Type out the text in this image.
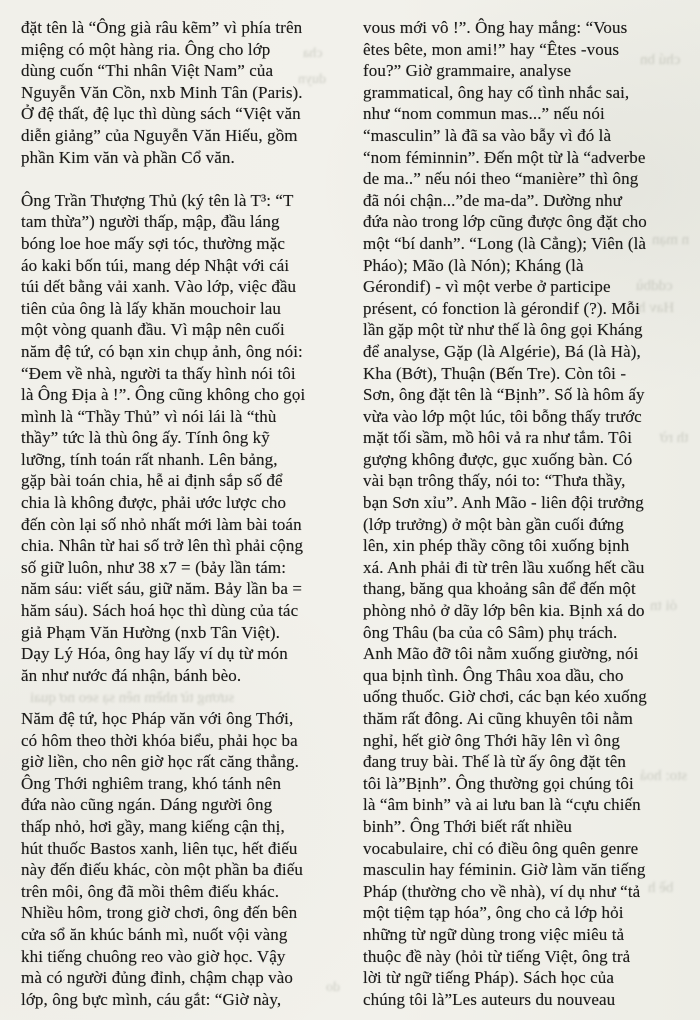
cha
duyn
chú bn
n mạn
cddbù
Hav h
th rờ
ỏi tn
sương từ nhềm nên sạ seo nơ quai
sto: hoả
bề h
do
đặt tên là “Ông già râu kẽm” vì phía trên
miệng có một hàng ria. Ông cho lớp
dùng cuốn “Thi nhân Việt Nam” của
Nguyễn Văn Cồn, nxb Minh Tân (Paris).
Ở đệ thất, đệ lục thì dùng sách “Việt văn
diễn giảng” của Nguyễn Văn Hiếu, gồm
phần Kim văn và phần Cổ văn.
Ông Trần Thượng Thủ (ký tên là T³: “T
tam thừa”) người thấp, mập, đầu láng
bóng loe hoe mấy sợi tóc, thường mặc
áo kaki bốn túi, mang dép Nhật với cái
túi dết bằng vải xanh. Vào lớp, việc đầu
tiên của ông là lấy khăn mouchoir lau
một vòng quanh đầu. Vì mập nên cuối
năm đệ tứ, có bạn xin chụp ảnh, ông nói:
“Đem về nhà, người ta thấy hình nói tôi
là Ông Địa à !”. Ông cũng không cho gọi
mình là “Thầy Thủ” vì nói lái là “thù
thầy” tức là thù ông ấy. Tính ông kỹ
lưỡng, tính toán rất nhanh. Lên bảng,
gặp bài toán chia, hễ ai định sắp số để
chia là không được, phải ước lược cho
đến còn lại số nhỏ nhất mới làm bài toán
chia. Nhân từ hai số trở lên thì phải cộng
số giữ luôn, như 38 x7 = (bảy lần tám:
năm sáu: viết sáu, giữ năm. Bảy lần ba =
hăm sáu). Sách hoá học thì dùng của tác
giả Phạm Văn Hường (nxb Tân Việt).
Dạy Lý Hóa, ông hay lấy ví dụ từ món
ăn như nước đá nhận, bánh bèo.
Năm đệ tứ, học Pháp văn với ông Thới,
có hôm theo thời khóa biểu, phải học ba
giờ liền, cho nên giờ học rất căng thẳng.
Ông Thới nghiêm trang, khó tánh nên
đứa nào cũng ngán. Dáng người ông
thấp nhỏ, hơi gầy, mang kiếng cận thị,
hút thuốc Bastos xanh, liên tục, hết điếu
này đến điếu khác, còn một phần ba điếu
trên môi, ông đã mồi thêm điếu khác.
Nhiều hôm, trong giờ chơi, ông đến bên
cửa sổ ăn khúc bánh mì, nuốt vội vàng
khi tiếng chuông reo vào giờ học. Vậy
mà có người đủng đỉnh, chậm chạp vào
lớp, ông bực mình, cáu gắt: “Giờ này,
vous mới vô !”. Ông hay mắng: “Vous
êtes bête, mon ami!” hay “Êtes -vous
fou?” Giờ grammaire, analyse
grammatical, ông hay cố tình nhắc sai,
như “nom commun mas...” nếu nói
“masculin” là đã sa vào bẫy vì đó là
“nom féminnin”. Đến một từ là “adverbe
de ma..” nếu nói theo “manière” thì ông
đã nói chận...”de ma-da”. Dường như
đứa nào trong lớp cũng được ông đặt cho
một “bí danh”. “Long (là Cẳng); Viên (là
Pháo); Mão (là Nón); Kháng (là
Gérondif) - vì một verbe ở participe
présent, có fonction là gérondif (?). Mỗi
lần gặp một từ như thế là ông gọi Kháng
để analyse, Gặp (là Algérie), Bá (là Hà),
Kha (Bớt), Thuận (Bến Tre). Còn tôi -
Sơn, ông đặt tên là “Bịnh”. Số là hôm ấy
vừa vào lớp một lúc, tôi bỗng thấy trước
mặt tối sầm, mồ hôi vả ra như tắm. Tôi
gượng không được, gục xuống bàn. Có
vài bạn trông thấy, nói to: “Thưa thầy,
bạn Sơn xỉu”. Anh Mão - liên đội trưởng
(lớp trưởng) ở một bàn gần cuối đứng
lên, xin phép thầy cõng tôi xuống bịnh
xá. Anh phải đi từ trên lầu xuống hết cầu
thang, băng qua khoảng sân để đến một
phòng nhỏ ở dãy lớp bên kia. Bịnh xá do
ông Thâu (ba của cô Sâm) phụ trách.
Anh Mão đỡ tôi nằm xuống giường, nói
qua bịnh tình. Ông Thâu xoa dầu, cho
uống thuốc. Giờ chơi, các bạn kéo xuống
thăm rất đông. Ai cũng khuyên tôi nằm
nghỉ, hết giờ ông Thới hãy lên vì ông
đang truy bài. Thế là từ ấy ông đặt tên
tôi là”Bịnh”. Ông thường gọi chúng tôi
là “âm binh” và ai lưu ban là “cựu chiến
binh”. Ông Thới biết rất nhiều
vocabulaire, chỉ có điều ông quên genre
masculin hay féminin. Giờ làm văn tiếng
Pháp (thường cho về nhà), ví dụ như “tả
một tiệm tạp hóa”, ông cho cả lớp hỏi
những từ ngữ dùng trong việc miêu tả
thuộc đề này (hỏi từ tiếng Việt, ông trả
lời từ ngữ tiếng Pháp). Sách học của
chúng tôi là”Les auteurs du nouveau
